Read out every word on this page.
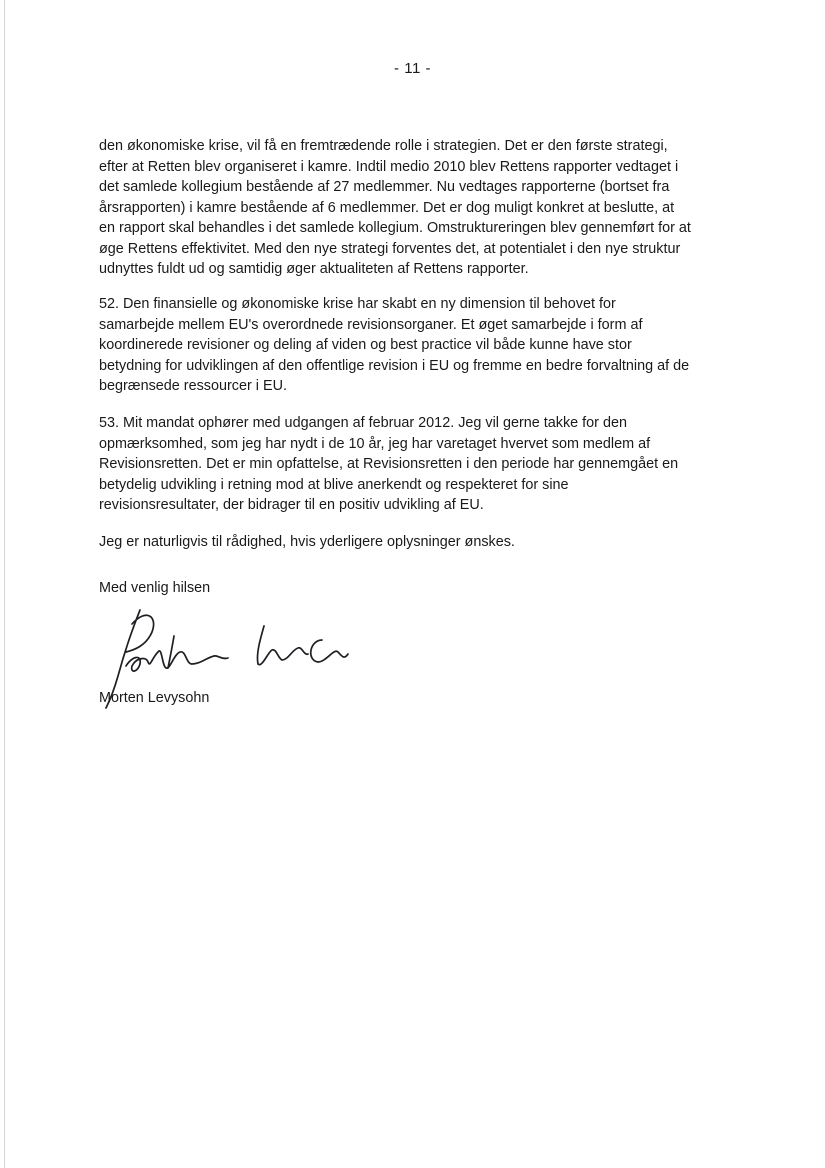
- 11 -
den økonomiske krise, vil få en fremtrædende rolle i strategien. Det er den første strategi,
efter at Retten blev organiseret i kamre. Indtil medio 2010 blev Rettens rapporter vedtaget i
det samlede kollegium bestående af 27 medlemmer. Nu vedtages rapporterne (bortset fra
årsrapporten) i kamre bestående af 6 medlemmer. Det er dog muligt konkret at beslutte, at
en rapport skal behandles i det samlede kollegium. Omstruktureringen blev gennemført for at
øge Rettens effektivitet. Med den nye strategi forventes det, at potentialet i den nye struktur
udnyttes fuldt ud og samtidig øger aktualiteten af Rettens rapporter.
52. Den finansielle og økonomiske krise har skabt en ny dimension til behovet for
samarbejde mellem EU's overordnede revisionsorganer. Et øget samarbejde i form af
koordinerede revisioner og deling af viden og best practice vil både kunne have stor
betydning for udviklingen af den offentlige revision i EU og fremme en bedre forvaltning af de
begrænsede ressourcer i EU.
53. Mit mandat ophører med udgangen af februar 2012. Jeg vil gerne takke for den
opmærksomhed, som jeg har nydt i de 10 år, jeg har varetaget hvervet som medlem af
Revisionsretten. Det er min opfattelse, at Revisionsretten i den periode har gennemgået en
betydelig udvikling i retning mod at blive anerkendt og respekteret for sine
revisionsresultater, der bidrager til en positiv udvikling af EU.
Jeg er naturligvis til rådighed, hvis yderligere oplysninger ønskes.
Med venlig hilsen
Morten Levysohn
